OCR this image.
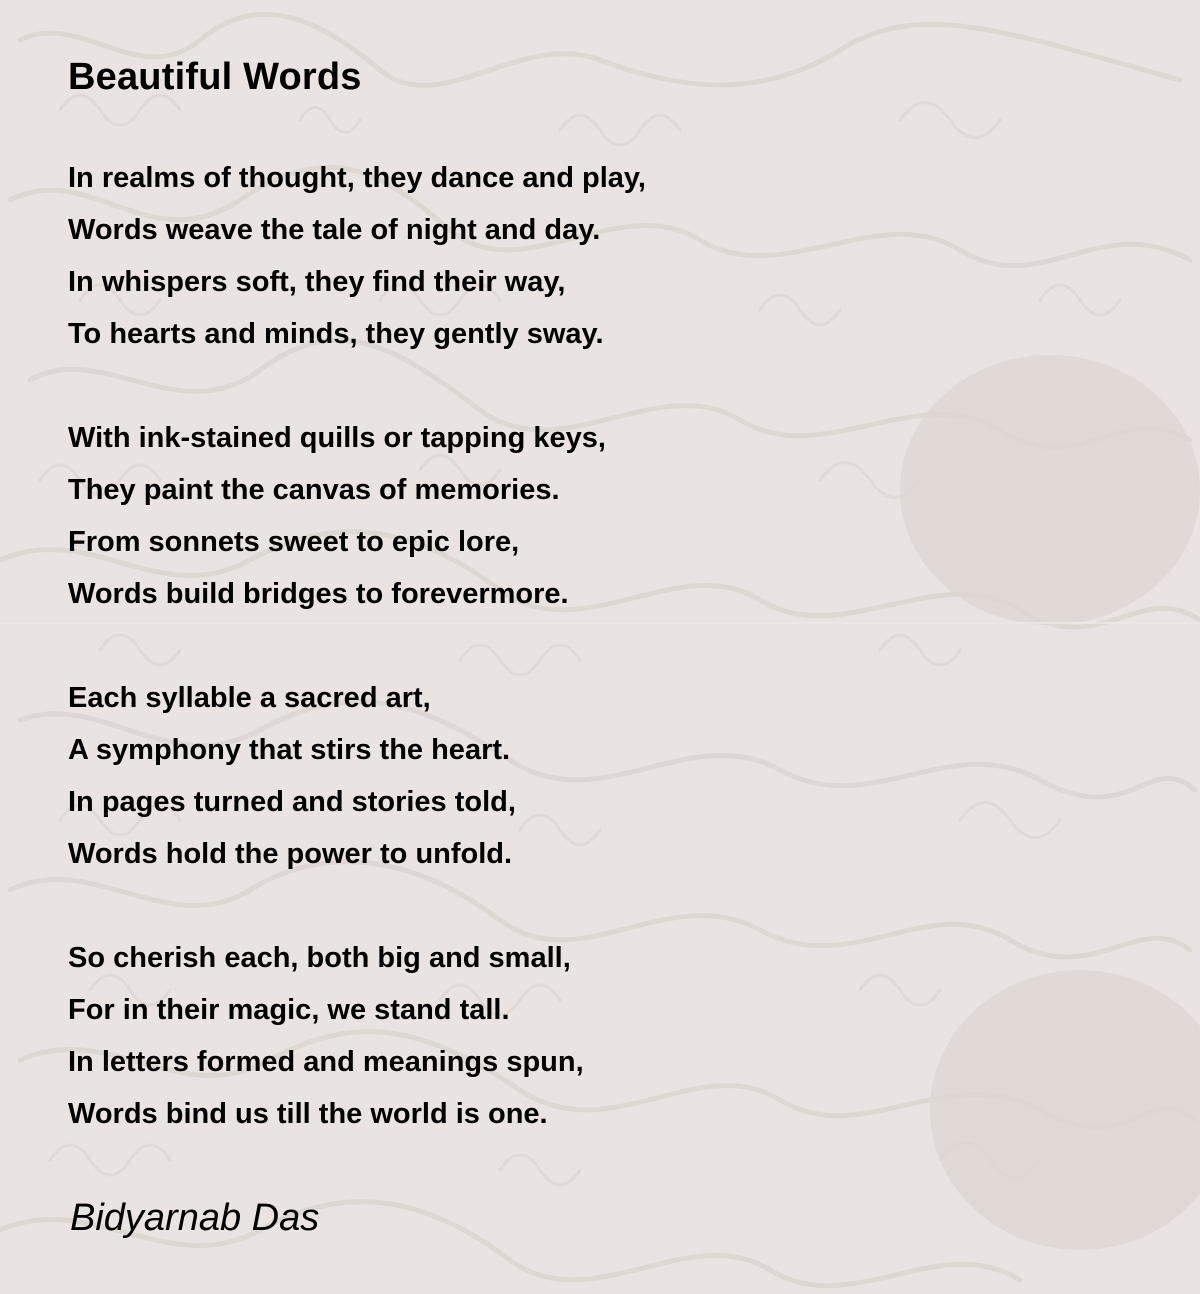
Beautiful Words
In realms of thought, they dance and play,
Words weave the tale of night and day.
In whispers soft, they find their way,
To hearts and minds, they gently sway.
With ink-stained quills or tapping keys,
They paint the canvas of memories.
From sonnets sweet to epic lore,
Words build bridges to forevermore.
Each syllable a sacred art,
A symphony that stirs the heart.
In pages turned and stories told,
Words hold the power to unfold.
So cherish each, both big and small,
For in their magic, we stand tall.
In letters formed and meanings spun,
Words bind us till the world is one.
Bidyarnab Das
